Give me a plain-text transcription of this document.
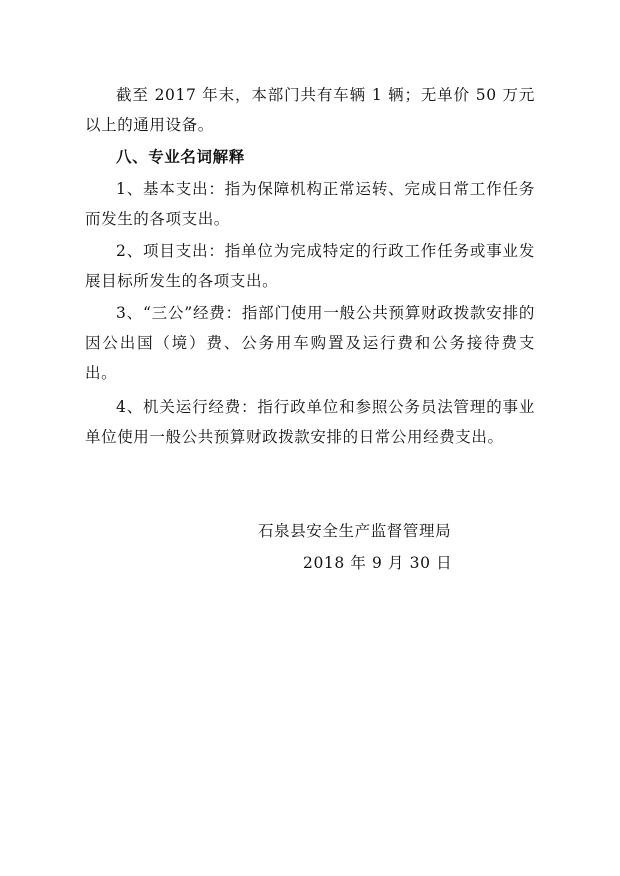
截至 2017 年末，本部门共有车辆 1 辆；无单价 50 万元以上的通用设备。

八、专业名词解释

1、基本支出：指为保障机构正常运转、完成日常工作任务而发生的各项支出。

2、项目支出：指单位为完成特定的行政工作任务或事业发展目标所发生的各项支出。

3、“三公”经费：指部门使用一般公共预算财政拨款安排的因公出国（境）费、公务用车购置及运行费和公务接待费支出。

4、机关运行经费：指行政单位和参照公务员法管理的事业单位使用一般公共预算财政拨款安排的日常公用经费支出。

石泉县安全生产监督管理局

2018 年 9 月 30 日
